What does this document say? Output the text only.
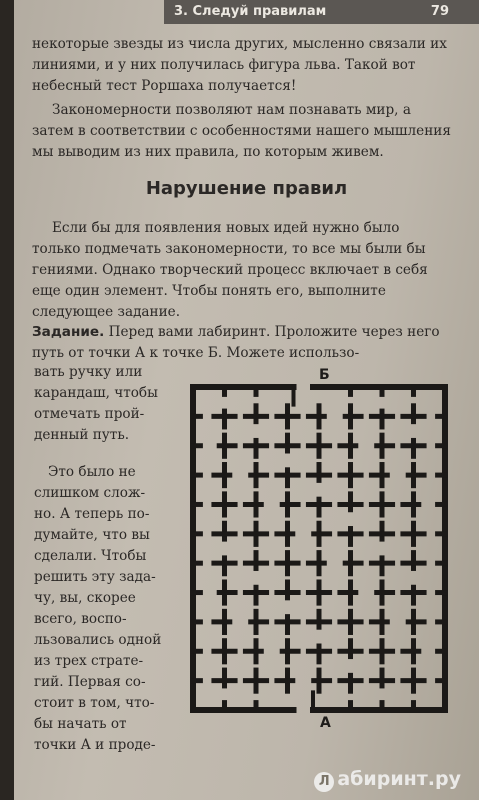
3. Следуй правилам	79

некоторые звезды из числа других, мысленно связали их линиями, и у них получилась фигура льва. Такой вот небесный тест Роршаха получается!

Закономерности позволяют нам познавать мир, а затем в соответствии с особенностями нашего мышления мы выводим из них правила, по которым живем.

Нарушение правил

Если бы для появления новых идей нужно было только подмечать закономерности, то все мы были бы гениями. Однако творческий процесс включает в себя еще один элемент. Чтобы понять его, выполните следующее задание.

Задание. Перед вами лабиринт. Проложите через него путь от точки А к точке Б. Можете использо-

вать ручку или
карандаш, чтобы
отмечать прой-
денный путь.
Это было не
слишком слож-
но. А теперь по-
думайте, что вы
сделали. Чтобы
решить эту зада-
чу, вы, скорее
всего, воспо-
льзовались одной
из трех страте-
гий. Первая со-
стоит в том, что-
бы начать от
точки А и проде-
Б
А
Л абиринт.ру
